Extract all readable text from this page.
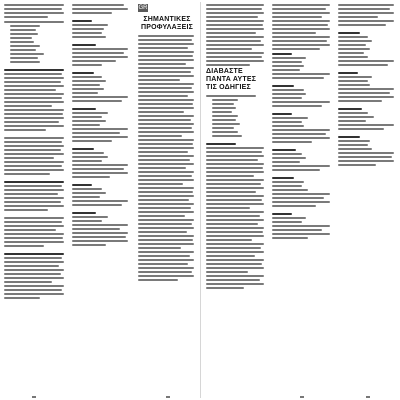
GR
ΣΗΜΑΝΤΙΚΕΣ ΠΡΟΦΥΛΑΞΕΙΣ
ΔΙΑΒΑΣΤΕ ΠΑΝΤΑ ΑΥΤΕΣ ΤΙΣ ΟΔΗΓΙΕΣ
